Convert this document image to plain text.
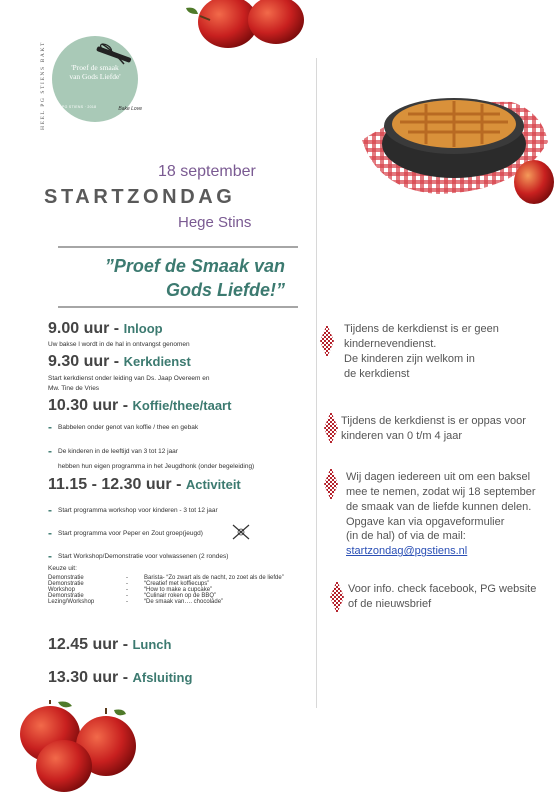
HEEL PG STIENS BAKT	'Proef de smaak
van Gods Liefde'
PG STIENS · 2018	Bake Love
18 september
STARTZONDAG
Hege Stins
”Proef de Smaak van
Gods Liefde!”
9.00 uur - Inloop
Uw bakse l wordt in de hal in ontvangst genomen
9.30 uur - Kerkdienst
Start kerkdienst onder leiding van Ds. Jaap Overeem en
Mw. Tine de Vries
10.30 uur - Koffie/thee/taart
- Babbelen onder genot van koffie / thee en gebak
- De kinderen in de leeftijd van 3 tot 12 jaar
hebben hun eigen programma in het Jeugdhonk (onder begeleiding)
11.15 - 12.30 uur - Activiteit
- Start programma workshop voor kinderen - 3 tot 12 jaar
- Start programma voor Peper en Zout groep(jeugd)
- Start Workshop/Demonstratie voor volwassenen (2 rondes)
Keuze uit:
Demonstratie	-	Barista- “Zo zwart als de nacht, zo zoet als de liefde”
Demonstratie	-	“Creatief met koffiecups”
Workshop	-	“How to make a cupcake”
Demonstratie	-	“Culinair roken op de BBQ”
Lezing/Workshop	-	“De smaak van…. chocolade”
12.45 uur - Lunch
13.30 uur - Afsluiting
Tijdens de kerkdienst is er geen
kindernevendienst.
De kinderen zijn welkom in
de kerkdienst
Tijdens de kerkdienst is er oppas voor
kinderen van 0 t/m 4 jaar
Wij dagen iedereen uit om een baksel
mee te nemen, zodat wij 18 september
de smaak van de liefde kunnen delen.
Opgave kan via opgaveformulier
(in de hal) of via de mail:
startzondag@pgstiens.nl
Voor info. check facebook, PG website
of de nieuwsbrief
